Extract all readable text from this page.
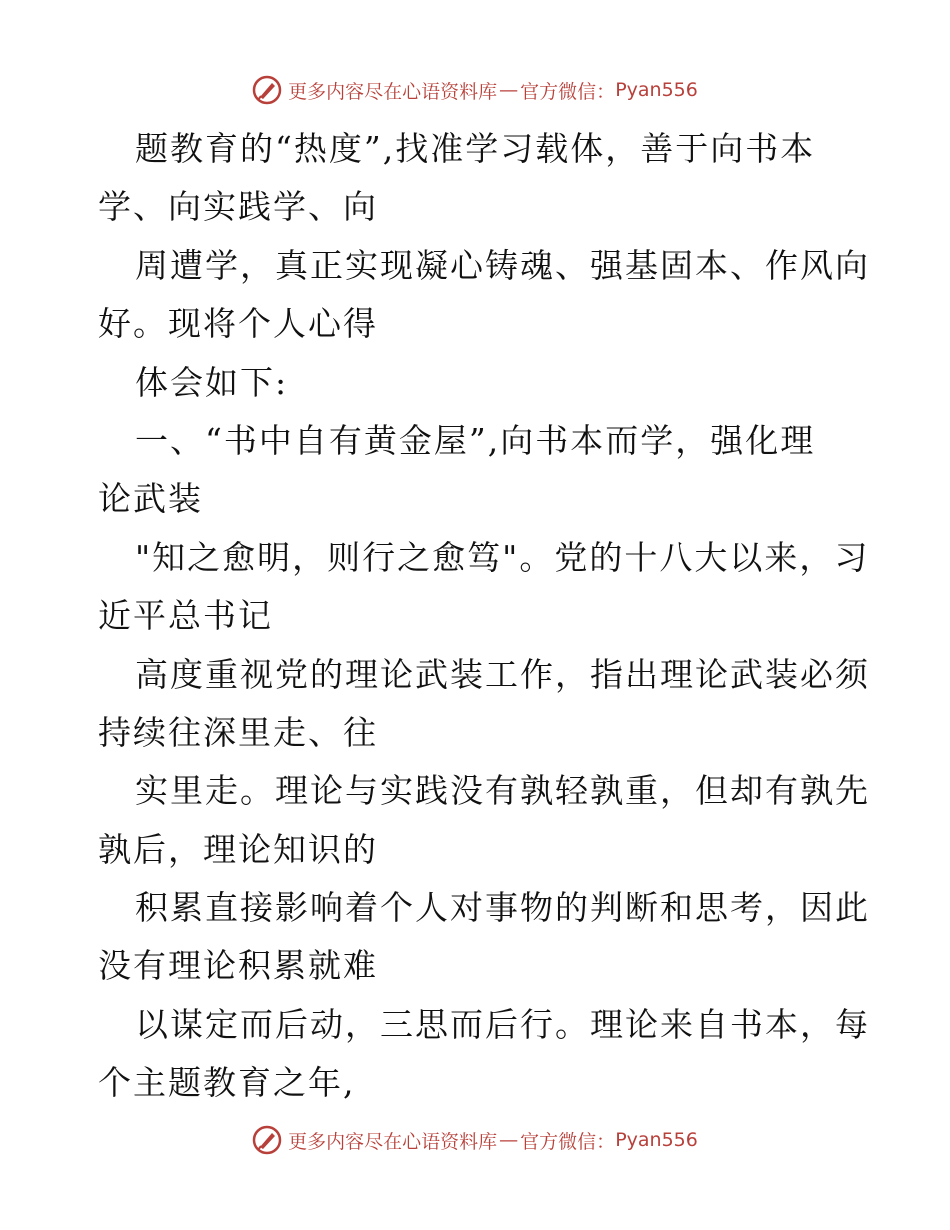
更多内容尽在心语资料库 — 官方微信： Pyan556
题教育的“热度”,找准学习载体，善于向书本
学、向实践学、向
周遭学，真正实现凝心铸魂、强基固本、作风向
好。现将个人心得
体会如下:
一、“书中自有黄金屋”,向书本而学，强化理
论武装
"知之愈明，则行之愈笃"。党的十八大以来，习
近平总书记
高度重视党的理论武装工作，指出理论武装必须
持续往深里走、往
实里走。理论与实践没有孰轻孰重，但却有孰先
孰后，理论知识的
积累直接影响着个人对事物的判断和思考，因此
没有理论积累就难
以谋定而后动，三思而后行。理论来自书本，每
个主题教育之年,
更多内容尽在心语资料库 — 官方微信： Pyan556
